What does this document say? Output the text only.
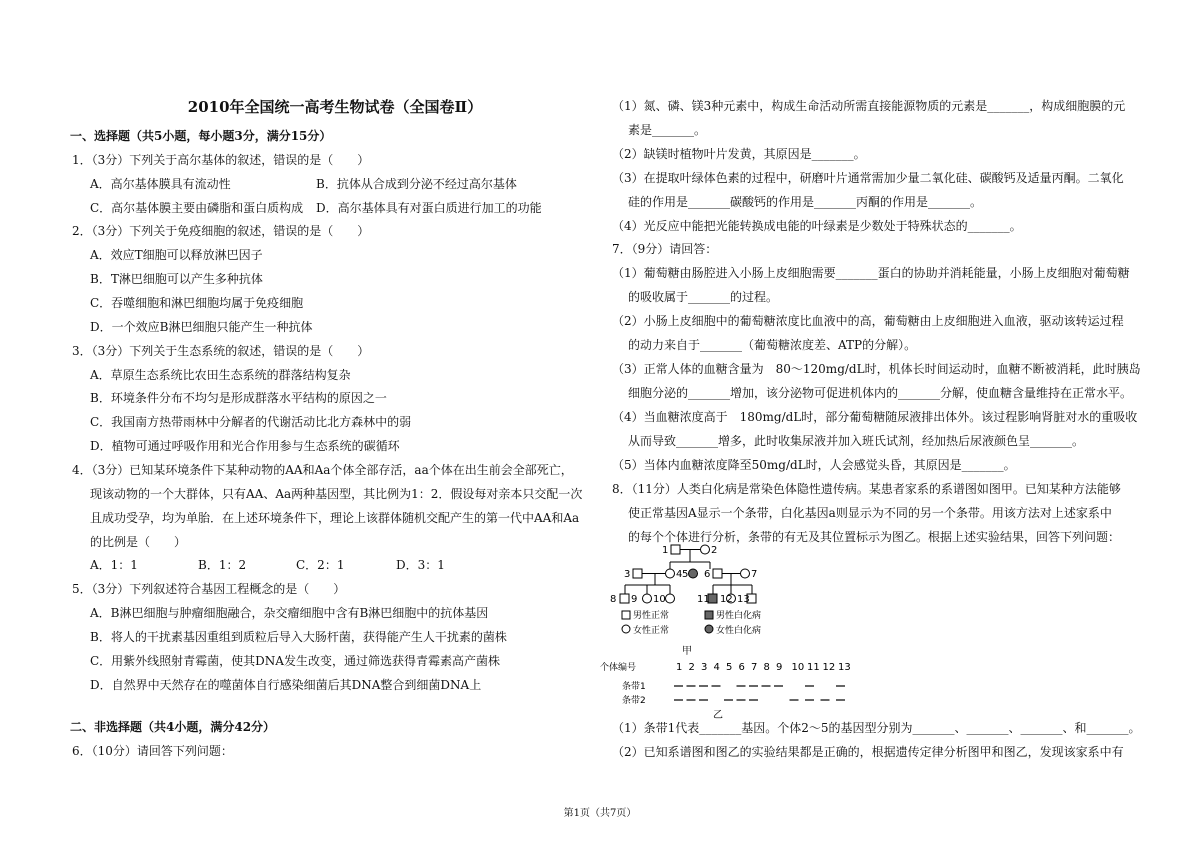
2010年全国统一高考生物试卷（全国卷Ⅱ）
一、选择题（共5小题，每小题3分，满分15分）
1．（3分）下列关于高尔基体的叙述，错误的是（　　）
A．高尔基体膜具有流动性	B．抗体从合成到分泌不经过高尔基体
C．高尔基体膜主要由磷脂和蛋白质构成 D．高尔基体具有对蛋白质进行加工的功能
2．（3分）下列关于免疫细胞的叙述，错误的是（　　）
A．效应T细胞可以释放淋巴因子
B．T淋巴细胞可以产生多种抗体
C．吞噬细胞和淋巴细胞均属于免疫细胞
D．一个效应B淋巴细胞只能产生一种抗体
3．（3分）下列关于生态系统的叙述，错误的是（　　）
A．草原生态系统比农田生态系统的群落结构复杂
B．环境条件分布不均匀是形成群落水平结构的原因之一
C．我国南方热带雨林中分解者的代谢活动比北方森林中的弱
D．植物可通过呼吸作用和光合作用参与生态系统的碳循环
4．（3分）已知某环境条件下某种动物的AA和Aa个体全部存活，aa个体在出生前会全部死亡，
现该动物的一个大群体，只有AA、Aa两种基因型，其比例为1：2．假设每对亲本只交配一次
且成功受孕，均为单胎．在上述环境条件下，理论上该群体随机交配产生的第一代中AA和Aa
的比例是（　　）
A．1：1	B．1：2	C．2：1	D．3：1
5．（3分）下列叙述符合基因工程概念的是（　　）
A．B淋巴细胞与肿瘤细胞融合，杂交瘤细胞中含有B淋巴细胞中的抗体基因
B．将人的干扰素基因重组到质粒后导入大肠杆菌，获得能产生人干扰素的菌株
C．用紫外线照射青霉菌，使其DNA发生改变，通过筛选获得青霉素高产菌株
D．自然界中天然存在的噬菌体自行感染细菌后其DNA整合到细菌DNA上
二、非选择题（共4小题，满分42分）
6．（10分）请回答下列问题：
（1）氮、磷、镁3种元素中，构成生命活动所需直接能源物质的元素是_______，构成细胞膜的元
素是_______。
（2）缺镁时植物叶片发黄，其原因是_______。
（3）在提取叶绿体色素的过程中，研磨叶片通常需加少量二氧化硅、碳酸钙及适量丙酮。二氧化
硅的作用是_______碳酸钙的作用是_______丙酮的作用是_______。
（4）光反应中能把光能转换成电能的叶绿素是少数处于特殊状态的_______。
7．（9分）请回答：
（1）葡萄糖由肠腔进入小肠上皮细胞需要_______蛋白的协助并消耗能量，小肠上皮细胞对葡萄糖
的吸收属于_______的过程。
（2）小肠上皮细胞中的葡萄糖浓度比血液中的高，葡萄糖由上皮细胞进入血液，驱动该转运过程
的动力来自于_______（葡萄糖浓度差、ATP的分解）。
（3）正常人体的血糖含量为　80～120mg/dL时，机体长时间运动时，血糖不断被消耗，此时胰岛
细胞分泌的_______增加，该分泌物可促进机体内的_______分解，使血糖含量维持在正常水平。
（4）当血糖浓度高于　180mg/dL时，部分葡萄糖随尿液排出体外。该过程影响肾脏对水的重吸收
从而导致_______增多，此时收集尿液并加入班氏试剂，经加热后尿液颜色呈_______。
（5）当体内血糖浓度降至50mg/dL时，人会感觉头昏，其原因是_______。
8．（11分）人类白化病是常染色体隐性遗传病。某患者家系的系谱图如图甲。已知某种方法能够
使正常基因A显示一个条带，白化基因a则显示为不同的另一个条带。用该方法对上述家系中
的每个个体进行分析，条带的有无及其位置标示为图乙。根据上述实验结果，回答下列问题：
（1）条带1代表_______基因。个体2～5的基因型分别为_______、_______、_______、和_______。
（2）已知系谱图和图乙的实验结果都是正确的，根据遗传定律分析图甲和图乙，发现该家系中有
1	2
3	4 5 6	7
8 9 10	11 12 13
男性正常
女性正常
男性白化病
女性白化病
甲
个体编号
条带1
条带2
乙
1 2 3 4 5 6 7 8 9 10 11 12 13
第1页（共7页）
